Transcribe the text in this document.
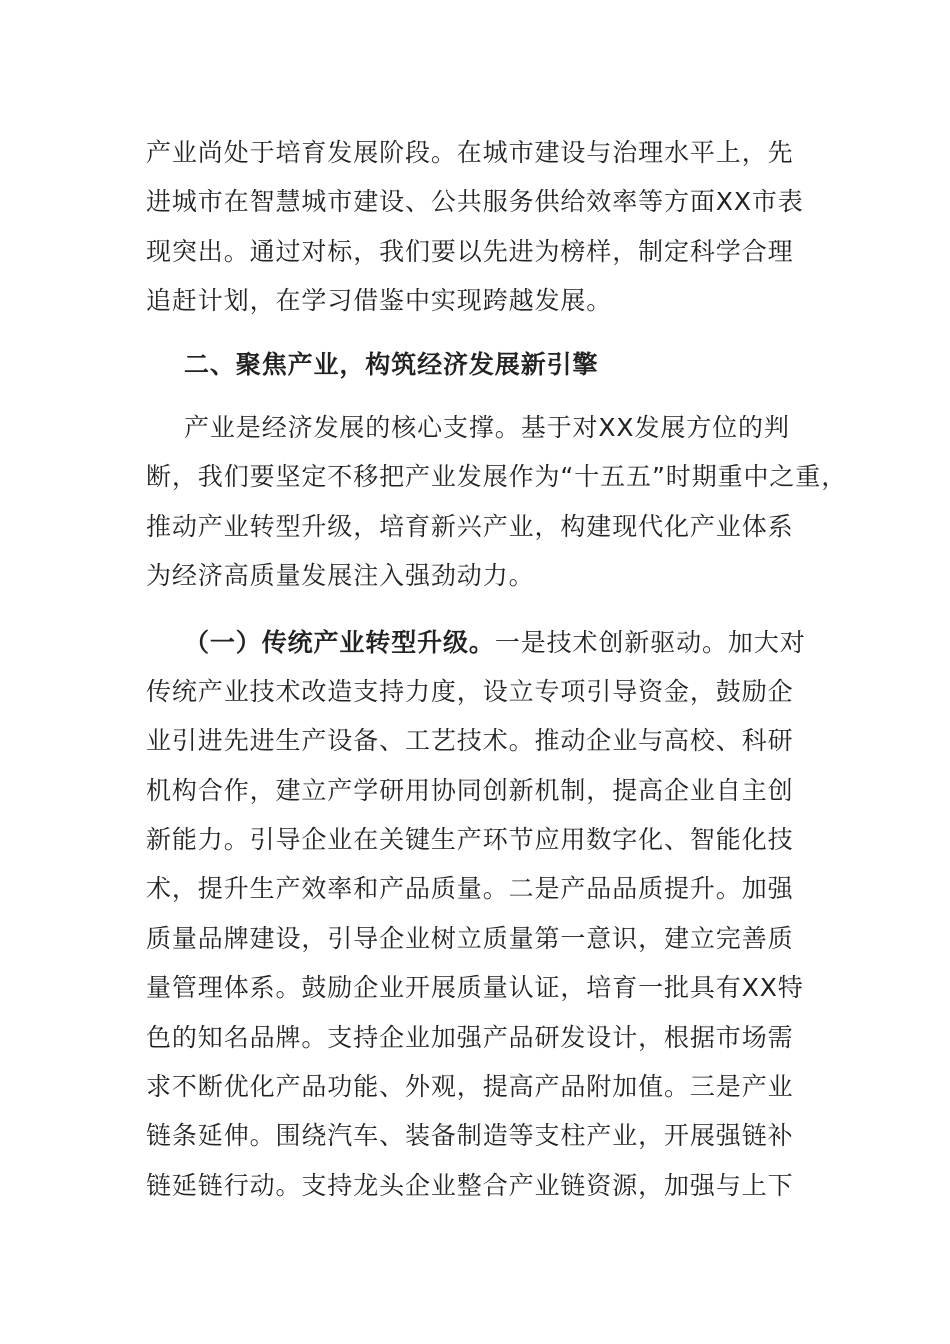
产业尚处于培育发展阶段。在城市建设与治理水平上，先
进城市在智慧城市建设、公共服务供给效率等方面XX市表
现突出。通过对标，我们要以先进为榜样，制定科学合理
追赶计划，在学习借鉴中实现跨越发展。
二、聚焦产业，构筑经济发展新引擎
产业是经济发展的核心支撑。基于对XX发展方位的判
断，我们要坚定不移把产业发展作为“十五五”时期重中之重，
推动产业转型升级，培育新兴产业，构建现代化产业体系
为经济高质量发展注入强劲动力。
（一）传统产业转型升级。一是技术创新驱动。加大对
传统产业技术改造支持力度，设立专项引导资金，鼓励企
业引进先进生产设备、工艺技术。推动企业与高校、科研
机构合作，建立产学研用协同创新机制，提高企业自主创
新能力。引导企业在关键生产环节应用数字化、智能化技
术，提升生产效率和产品质量。二是产品品质提升。加强
质量品牌建设，引导企业树立质量第一意识，建立完善质
量管理体系。鼓励企业开展质量认证，培育一批具有XX特
色的知名品牌。支持企业加强产品研发设计，根据市场需
求不断优化产品功能、外观，提高产品附加值。三是产业
链条延伸。围绕汽车、装备制造等支柱产业，开展强链补
链延链行动。支持龙头企业整合产业链资源，加强与上下
